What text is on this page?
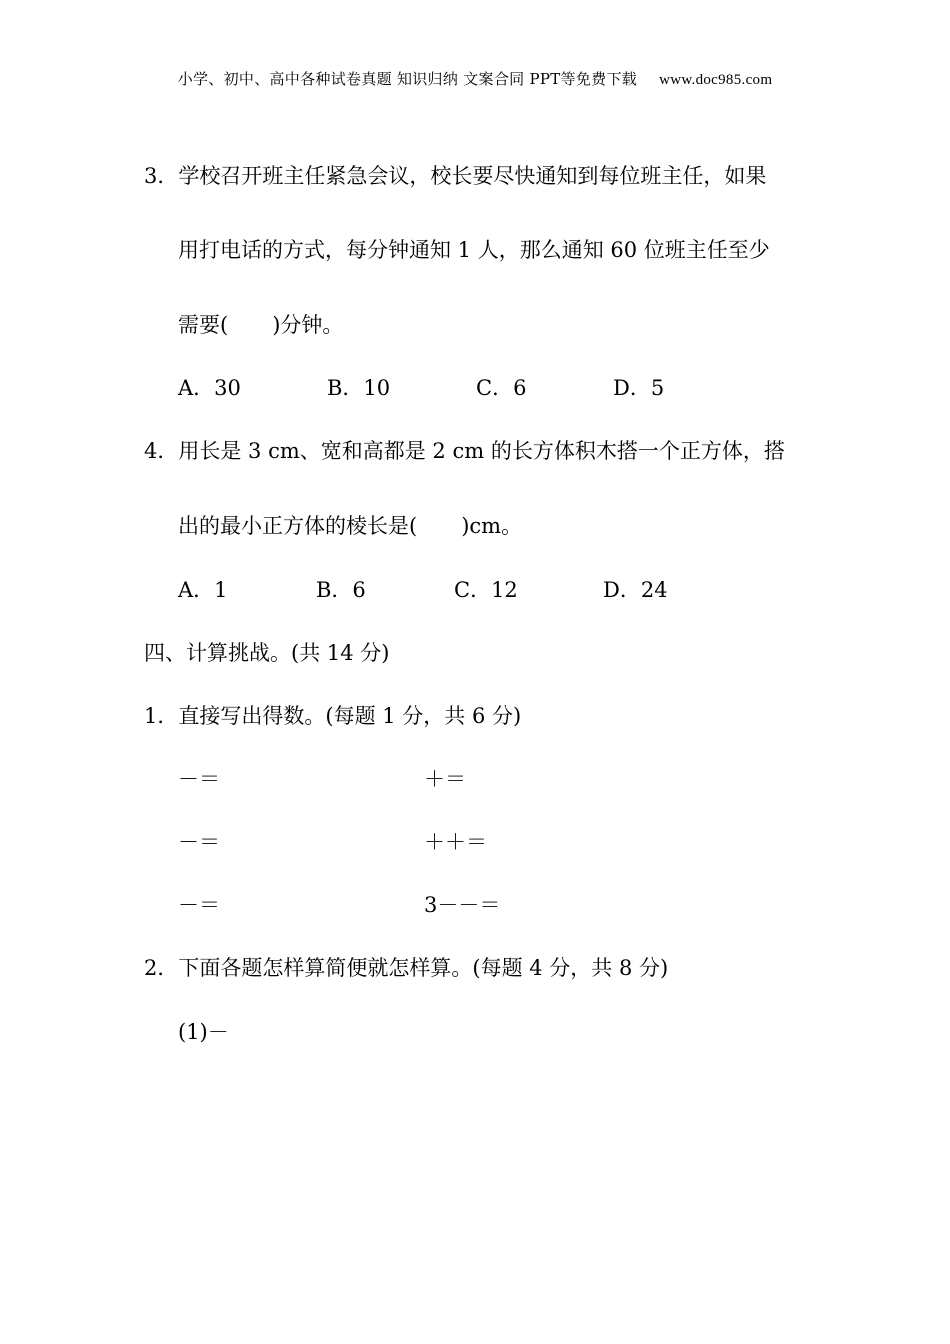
小学、初中、高中各种试卷真题 知识归纳 文案合同 PPT等免费下载 www.doc985.com
3．学校召开班主任紧急会议，校长要尽快通知到每位班主任，如果
用打电话的方式，每分钟通知 1 人，那么通知 60 位班主任至少
需要( )分钟。
A．30	B．10	C．6	D．5
4．用长是 3 cm、宽和高都是 2 cm 的长方体积木搭一个正方体，搭
出的最小正方体的棱长是( )cm。
A．1	B．6	C．12	D．24
四、计算挑战。(共 14 分)
1．直接写出得数。(每题 1 分，共 6 分)
－＝	＋＝
－＝	＋＋＝
－＝	3－－＝
2．下面各题怎样算简便就怎样算。(每题 4 分，共 8 分)
(1)－
